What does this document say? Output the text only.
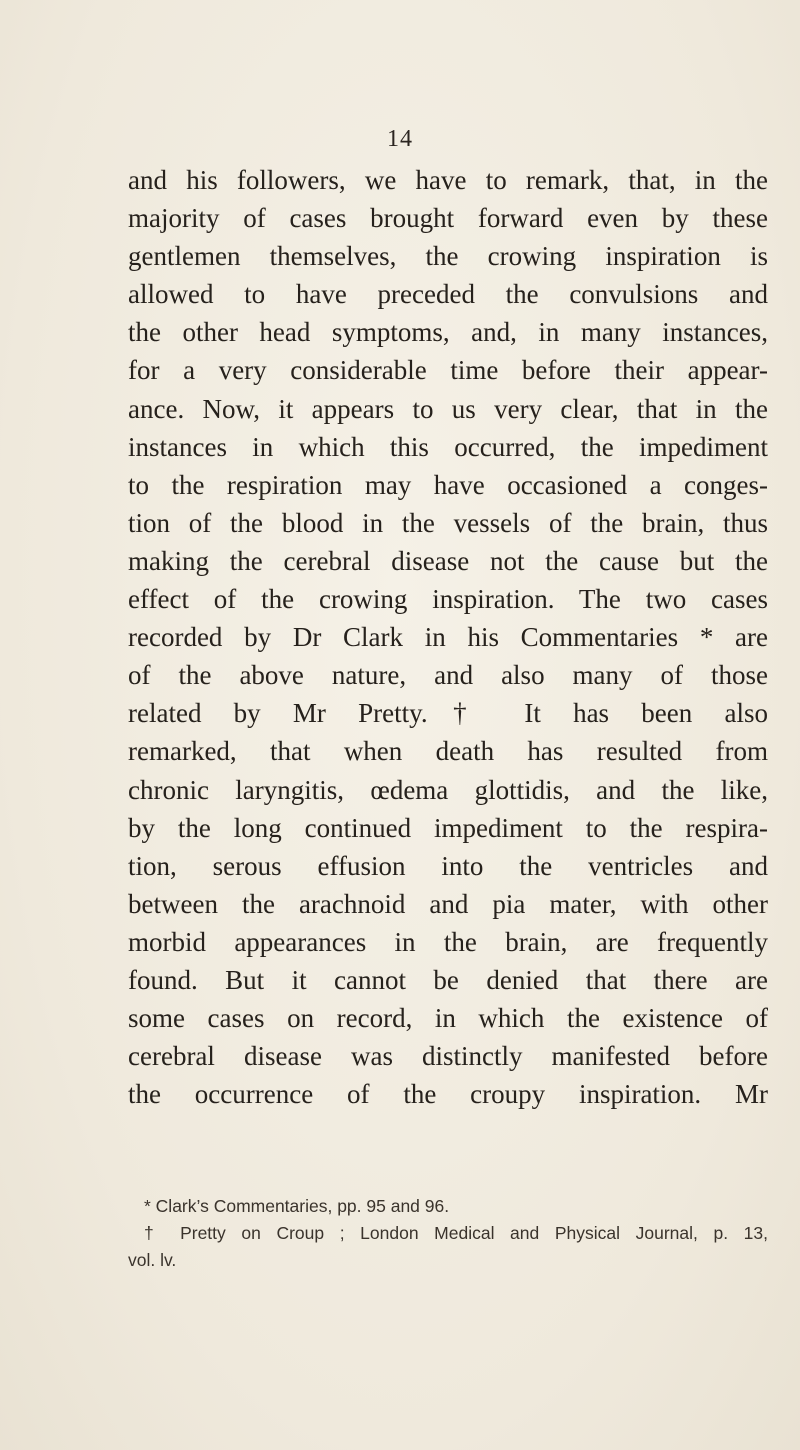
14
and his followers, we have to remark, that, in the
majority of cases brought forward even by these
gentlemen themselves, the crowing inspiration is
allowed to have preceded the convulsions and
the other head symptoms, and, in many instances,
for a very considerable time before their appear-
ance. Now, it appears to us very clear, that in the
instances in which this occurred, the impediment
to the respiration may have occasioned a conges-
tion of the blood in the vessels of the brain, thus
making the cerebral disease not the cause but the
effect of the crowing inspiration. The two cases
recorded by Dr Clark in his Commentaries * are
of the above nature, and also many of those
related by Mr Pretty.† It has been also
remarked, that when death has resulted from
chronic laryngitis, œdema glottidis, and the like,
by the long continued impediment to the respira-
tion, serous effusion into the ventricles and
between the arachnoid and pia mater, with other
morbid appearances in the brain, are frequently
found. But it cannot be denied that there are
some cases on record, in which the existence of
cerebral disease was distinctly manifested before
the occurrence of the croupy inspiration. Mr
* Clark’s Commentaries, pp. 95 and 96.
† Pretty on Croup ; London Medical and Physical Journal, p. 13,
vol. lv.
